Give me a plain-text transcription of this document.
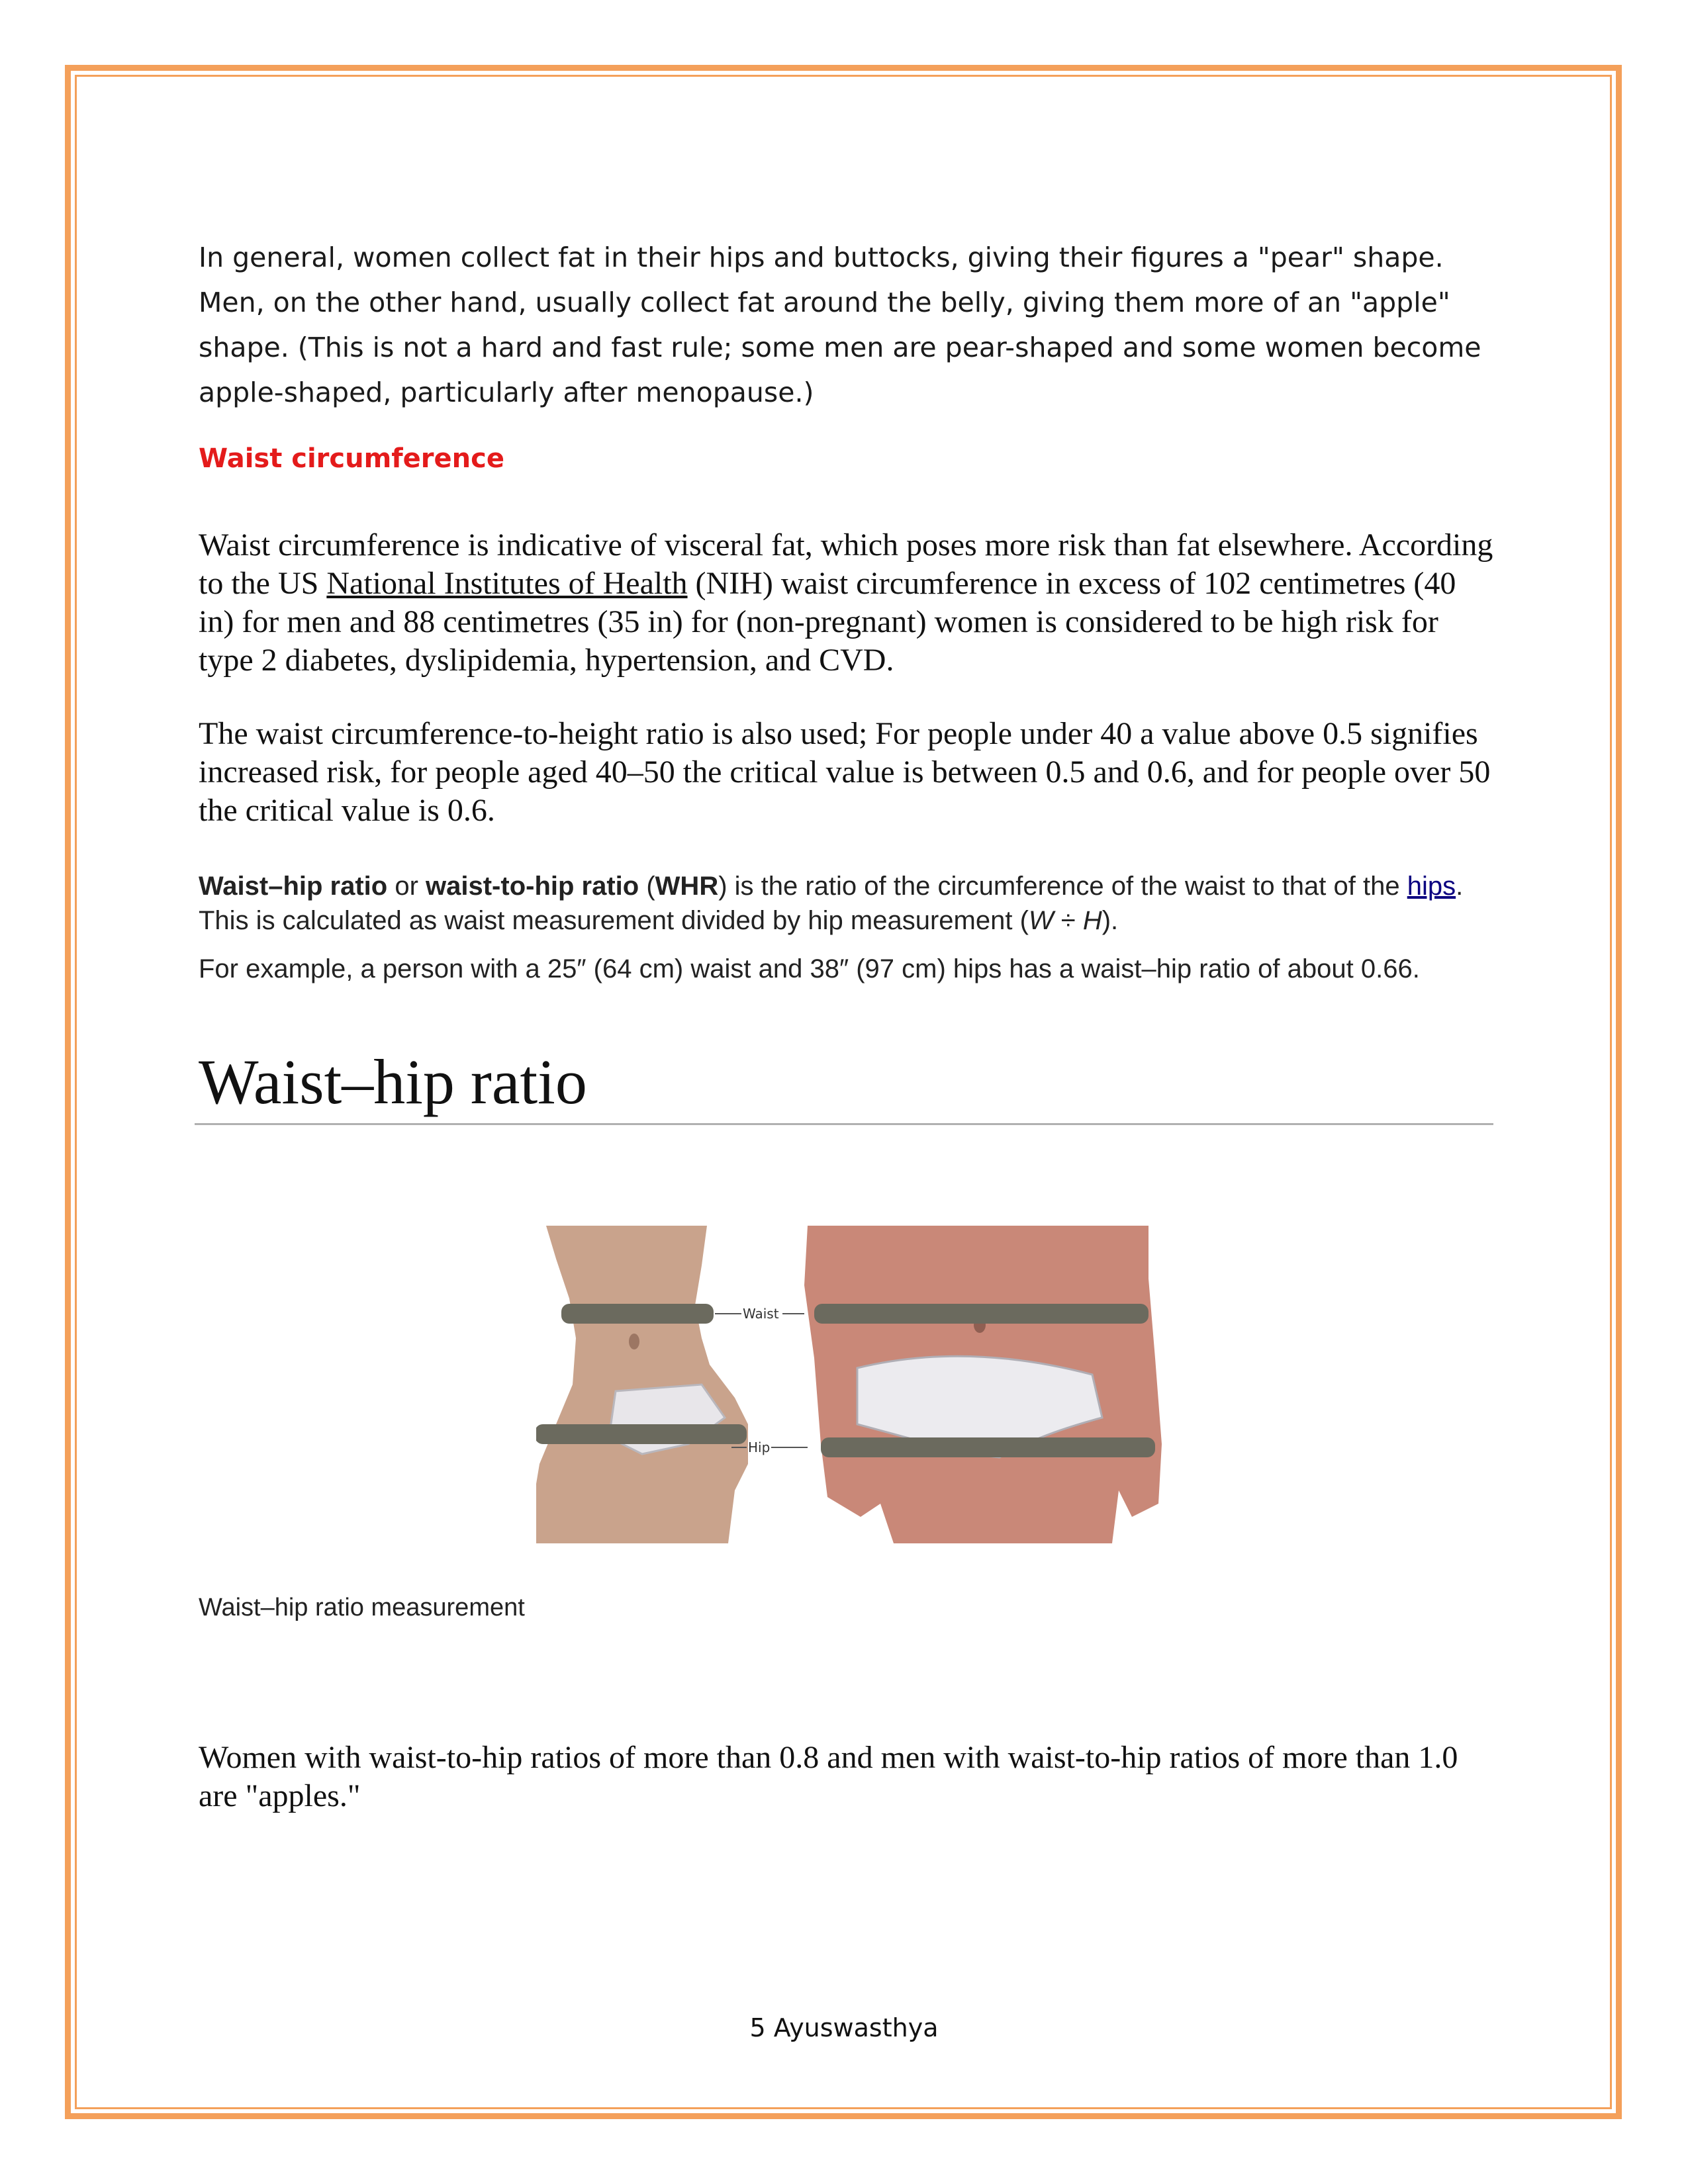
In general, women collect fat in their hips and buttocks, giving their figures a "pear" shape. Men, on the other hand, usually collect fat around the belly, giving them more of an "apple" shape. (This is not a hard and fast rule; some men are pear-shaped and some women become apple-shaped, particularly after menopause.)

Waist circumference

Waist circumference is indicative of visceral fat, which poses more risk than fat elsewhere. According to the US National Institutes of Health (NIH) waist circumference in excess of 102 centimetres (40 in) for men and 88 centimetres (35 in) for (non-pregnant) women is considered to be high risk for type 2 diabetes, dyslipidemia, hypertension, and CVD.

The waist circumference-to-height ratio is also used; For people under 40 a value above 0.5 signifies increased risk, for people aged 40–50 the critical value is between 0.5 and 0.6, and for people over 50 the critical value is 0.6.

Waist–hip ratio or waist-to-hip ratio (WHR) is the ratio of the circumference of the waist to that of the hips. This is calculated as waist measurement divided by hip measurement (W ÷ H).

For example, a person with a 25″ (64 cm) waist and 38″ (97 cm) hips has a waist–hip ratio of about 0.66.

Waist–hip ratio
Waist
Hip

Waist–hip ratio measurement

Women with waist-to-hip ratios of more than 0.8 and men with waist-to-hip ratios of more than 1.0 are "apples."

5 Ayuswasthya
